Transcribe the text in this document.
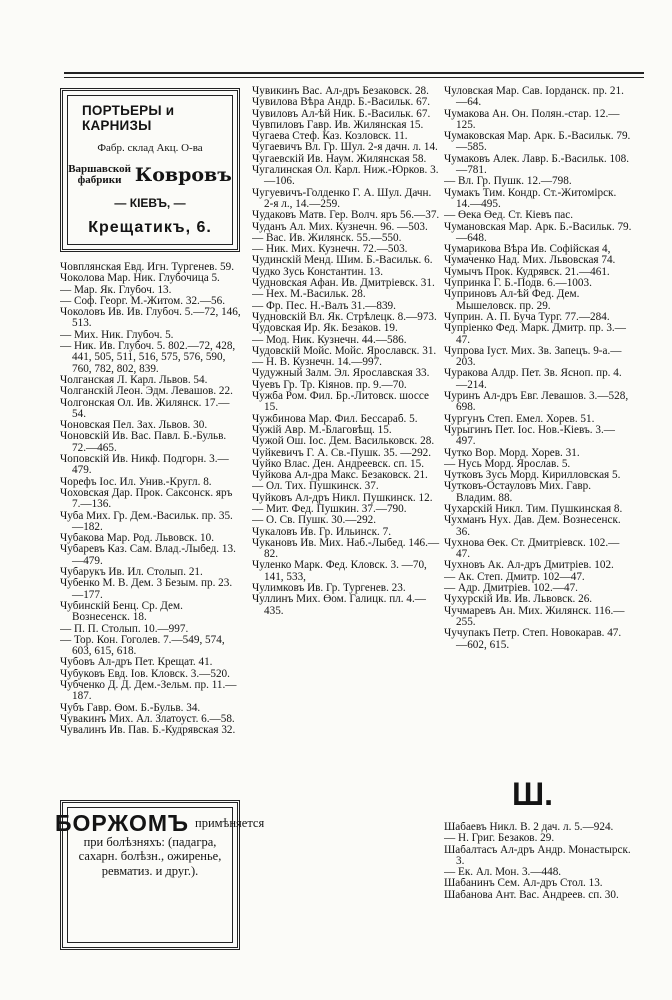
ПОРТЬЕРЫ и КАРНИЗЫ
Фабр. склад Акц. О-ва
Варшавской
фабрики Ковровъ
— КІЕВЪ, —
Крещатикъ, 6.
Човплянская Евд. Игн. Тургенев. 59.
Чоколова Мар. Ник. Глубочица 5.
— Мар. Як. Глубоч. 13.
— Соф. Георг. М.-Житом. 32.—56.
Чоколовъ Ив. Ив. Глубоч. 5.—72, 146, 513.
— Мих. Ник. Глубоч. 5.
— Ник. Ив. Глубоч. 5. 802.—72, 428, 441, 505, 511, 516, 575, 576, 590, 760, 782, 802, 839.
Чолганская Л. Карл. Львов. 54.
Чолганскій Леон. Эдм. Левашов. 22.
Чолгонская Ол. Ив. Жилянск. 17.—54.
Чоновская Пел. Зах. Львов. 30.
Чоновскій Ив. Вас. Павл. Б.-Бульв. 72.—465.
Чоповскій Ив. Никф. Подгорн. 3.—479.
Чорефъ Іос. Ил. Унив.-Кругл. 8.
Чоховская Дар. Прок. Саксонск. яръ 7.—136.
Чуба Мих. Гр. Дем.-Васильк. пр. 35.—182.
Чубакова Мар. Род. Львовск. 10.
Чубаревъ Каз. Сам. Влад.-Лыбед. 13.—479.
Чубарукъ Ив. Ил. Столып. 21.
Чубенко М. В. Дем. 3 Безым. пр. 23.—177.
Чубинскій Бенц. Ср. Дем. Вознесенск. 18.
— П. П. Столып. 10.—997.
— Тор. Кон. Гоголев. 7.—549, 574, 603, 615, 618.
Чубовъ Ал-дръ Пет. Крещат. 41.
Чубуковъ Евд. Іов. Кловск. 3.—520.
Чубченко Д. Д. Дем.-Зельм. пр. 11.—187.
Чубъ Гавр. Өом. Б.-Бульв. 34.
Чувакинъ Мих. Ал. Златоуст. 6.—58.
Чувалинъ Ив. Пав. Б.-Кудрявская 32.
Чувикинъ Вас. Ал-дръ Безаковск. 28.
Чувилова Вѣра Андр. Б.-Васильк. 67.
Чувиловъ Ал-ѣй Ник. Б.-Васильк. 67.
Чувпиловъ Гавр. Ив. Жилянская 15.
Чугаева Стеф. Каз. Козловск. 11.
Чугаевичъ Вл. Гр. Шул. 2-я дачн. л. 14.
Чугаевскій Ив. Наум. Жилянская 58.
Чугалинская Ол. Карл. Ниж.-Юрков. 3.—106.
Чугуевичъ-Голденко Г. А. Шул. Дачн. 2-я л., 14.—259.
Чудаковъ Матв. Гер. Волч. яръ 56.—37.
Чуданъ Ал. Мих. Кузнечн. 96. —503.
— Вас. Ив. Жилянск. 55.—550.
— Ник. Мих. Кузнечн. 72.—503.
Чудинскій Менд. Шим. Б.-Васильк. 6.
Чудко Зусь Константин. 13.
Чудновская Афан. Ив. Дмитріевск. 31.
— Нех. М.-Васильк. 28.
— Фр. Пес. Н.-Валъ 31.—839.
Чудновскій Вл. Як. Стрѣлецк. 8.—973.
Чудовская Ир. Як. Безаков. 19.
— Мод. Ник. Кузнечн. 44.—586.
Чудовскій Мойс. Мойс. Ярославск. 31.
— Н. В. Кузнечн. 14.—997.
Чудужный Залм. Эл. Ярославская 33.
Чуевъ Гр. Тр. Кіянов. пр. 9.—70.
Чужба Ром. Фил. Бр.-Литовск. шоссе 15.
Чужбинова Мар. Фил. Бессараб. 5.
Чужій Авр. М.-Благовѣщ. 15.
Чужой Ош. Іос. Дем. Васильковск. 28.
Чуйкевичъ Г. А. Св.-Пушк. 35. —292.
Чуйко Влас. Ден. Андреевск. сп. 15.
Чуйкова Ал-дра Макс. Безаковск. 21.
— Ол. Тих. Пушкинск. 37.
Чуйковъ Ал-дръ Никл. Пушкинск. 12.
— Мит. Фед. Пушкин. 37.—790.
— О. Св. Пушк. 30.—292.
Чукаловъ Ив. Гр. Ильинск. 7.
Чукановъ Ив. Мих. Наб.-Лыбед. 146.—82.
Чуленко Марк. Фед. Кловск. 3. —70, 141, 533,
Чулимковъ Ив. Гр. Тургенев. 23.
Чуллинъ Мих. Өом. Галицк. пл. 4.—435.
Чуловская Мар. Сав. Іорданск. пр. 21.—64.
Чумакова Ан. Он. Полян.-стар. 12.—125.
Чумаковская Мар. Арк. Б.-Васильк. 79.—585.
Чумаковъ Алек. Лавр. Б.-Васильк. 108.—781.
— Вл. Гр. Пушк. 12.—798.
Чумакъ Тим. Кондр. Ст.-Житомірск. 14.—495.
— Өека Өед. Ст. Кіевъ пас.
Чумановская Мар. Арк. Б.-Васильк. 79.—648.
Чумарикова Вѣра Ив. Софійская 4,
Чумаченко Над. Мих. Львовская 74.
Чумычъ Прок. Кудрявск. 21.—461.
Чупринка Г. Б.-Подв. 6.—1003.
Чуприновъ Ал-ѣй Фед. Дем. Мышеловск. пр. 29.
Чуприн. А. П. Буча Тург. 77.—284.
Чупріенко Фед. Марк. Дмитр. пр. 3.—47.
Чупрова Іуст. Мих. Зв. Запецъ. 9-а.—203.
Чуракова Алдр. Пет. Зв. Ясноп. пр. 4.—214.
Чуринъ Ал-дръ Евг. Левашов. 3.—528, 698.
Чургунъ Степ. Емел. Хорев. 51.
Чурыгинъ Пет. Іос. Нов.-Кіевъ. 3.—497.
Чутко Вор. Морд. Хорев. 31.
— Нусь Морд. Ярослав. 5.
Чутковъ Зусь Морд. Кирилловская 5.
Чутковъ-Остауловъ Мих. Гавр. Владим. 88.
Чухарскій Никл. Тим. Пушкинская 8.
Чухманъ Нух. Дав. Дем. Вознесенск. 36.
Чухнова Өек. Ст. Дмитріевск. 102.—47.
Чухновъ Ак. Ал-дръ Дмитріев. 102.
— Ак. Степ. Дмитр. 102—47.
— Адр. Дмитріев. 102.—47.
Чухурскій Ив. Ив. Львовск. 26.
Чучмаревъ Ан. Мих. Жилянск. 116.—255.
Чучупакъ Петр. Степ. Новокарав. 47.—602, 615.
Ш.
Шабаевъ Никл. В. 2 дач. л. 5.—924.
— Н. Григ. Безаков. 29.
Шабалтасъ Ал-дръ Андр. Монастырск. 3.
— Ек. Ал. Мон. 3.—448.
Шабанинъ Сем. Ал-дръ Стол. 13.
Шабанова Ант. Вас. Андреев. сп. 30.
БОРЖОМЪ примѣняется
при болѣзняхъ: (падагра, сахарн. болѣзн., ожиренье, ревматиз. и друг.).
